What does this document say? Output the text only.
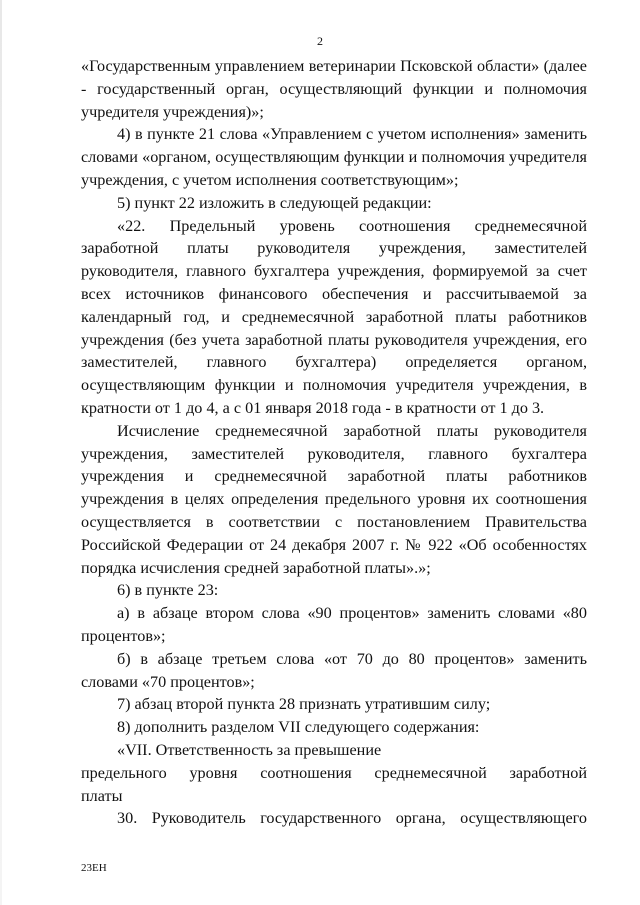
2

«Государственным управлением ветеринарии Псковской области» (далее - государственный орган, осуществляющий функции и полномочия учредителя учреждения)»;

4) в пункте 21 слова «Управлением с учетом исполнения» заменить словами «органом, осуществляющим функции и полномочия учредителя учреждения, с учетом исполнения соответствующим»;

5) пункт 22 изложить в следующей редакции:

«22. Предельный уровень соотношения среднемесячной заработной платы руководителя учреждения, заместителей руководителя, главного бухгалтера учреждения, формируемой за счет всех источников финансового обеспечения и рассчитываемой за календарный год, и среднемесячной заработной платы работников учреждения (без учета заработной платы руководителя учреждения, его заместителей, главного бухгалтера) определяется органом, осуществляющим функции и полномочия учредителя учреждения, в кратности от 1 до 4, а с 01 января 2018 года - в кратности от 1 до 3.

Исчисление среднемесячной заработной платы руководителя учреждения, заместителей руководителя, главного бухгалтера учреждения и среднемесячной заработной платы работников учреждения в целях определения предельного уровня их соотношения осуществляется в соответствии с постановлением Правительства Российской Федерации от 24 декабря 2007 г. № 922 «Об особенностях порядка исчисления средней заработной платы».»;

6) в пункте 23:

а) в абзаце втором слова «90 процентов» заменить словами «80 процентов»;

б) в абзаце третьем слова «от 70 до 80 процентов» заменить словами «70 процентов»;

7) абзац второй пункта 28 признать утратившим силу;

8) дополнить разделом VII следующего содержания:

«VII. Ответственность за превышение

предельного уровня соотношения среднемесячной заработной

платы

30. Руководитель государственного органа, осуществляющего

23ЕН
